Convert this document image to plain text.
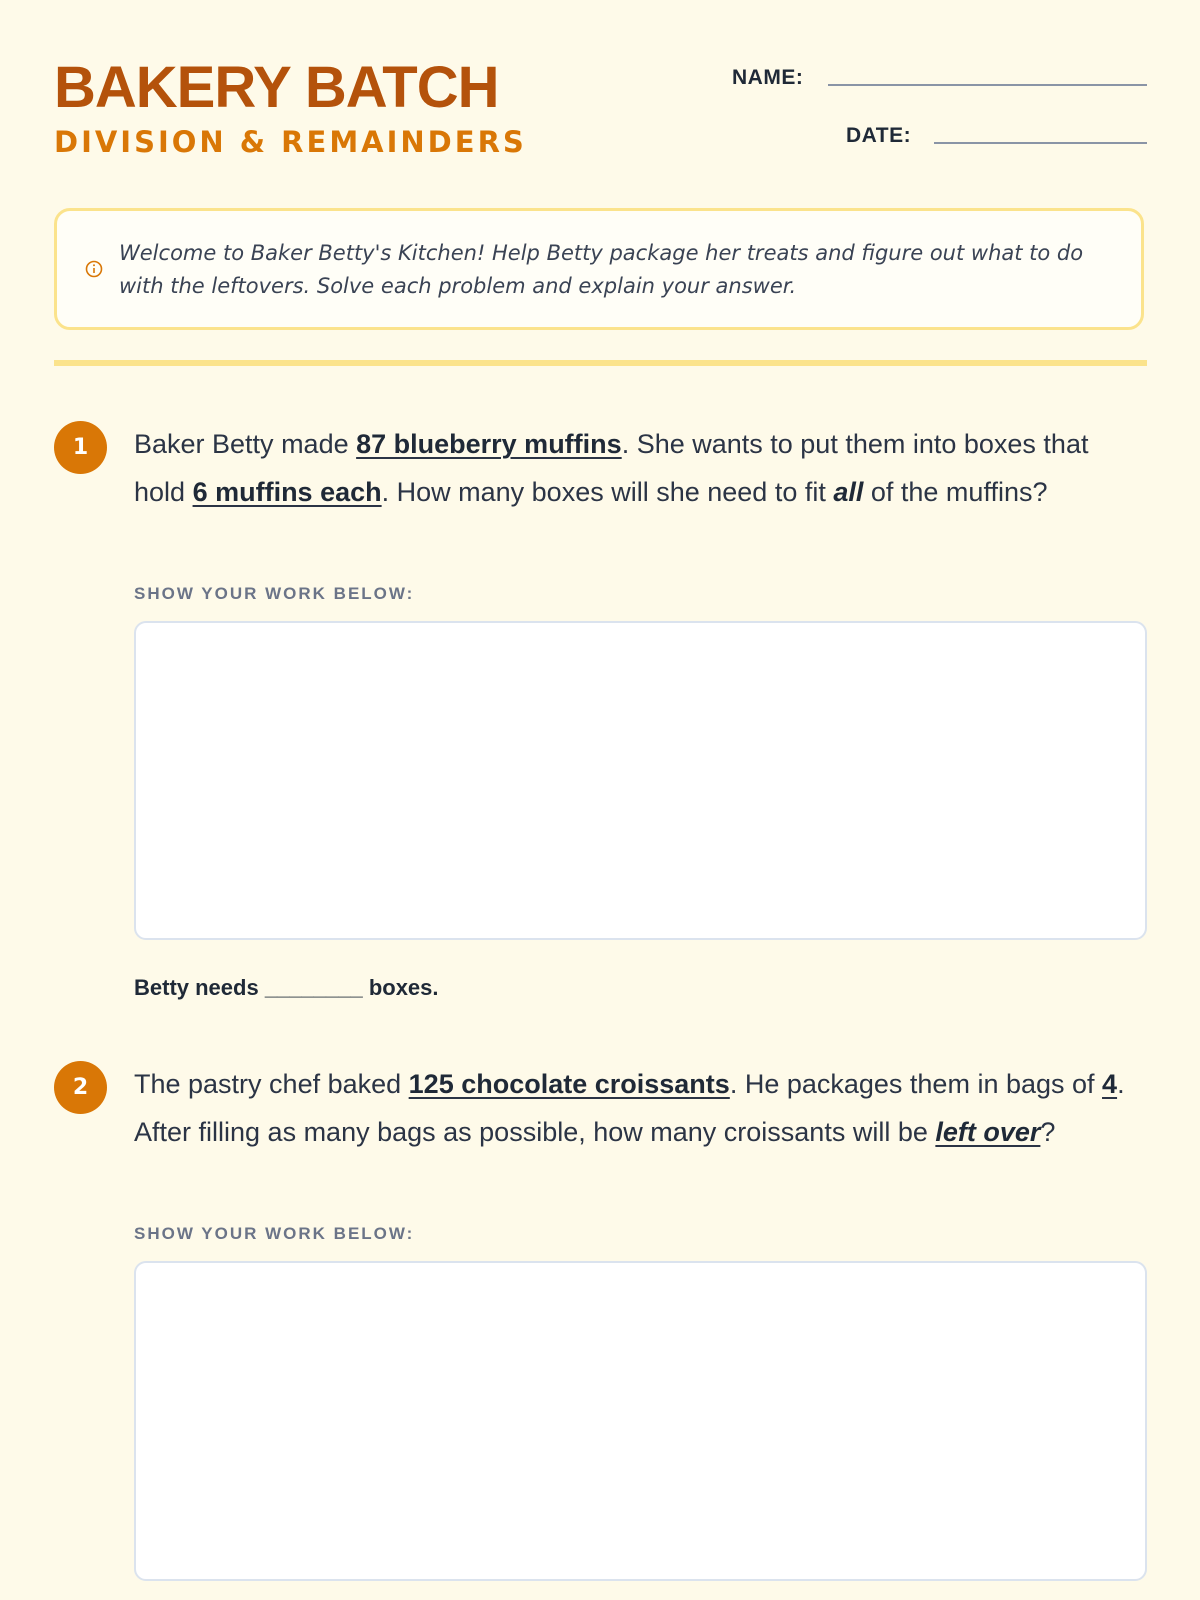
BAKERY BATCH
DIVISION & REMAINDERS
NAME:
DATE:
Welcome to Baker Betty's Kitchen! Help Betty package her treats and figure out what to do with the leftovers. Solve each problem and explain your answer.
1	Baker Betty made 87 blueberry muffins. She wants to put them into boxes that hold 6 muffins each. How many boxes will she need to fit all of the muffins?
SHOW YOUR WORK BELOW:
Betty needs ________ boxes.
2	The pastry chef baked 125 chocolate croissants. He packages them in bags of 4. After filling as many bags as possible, how many croissants will be left over?
SHOW YOUR WORK BELOW:
